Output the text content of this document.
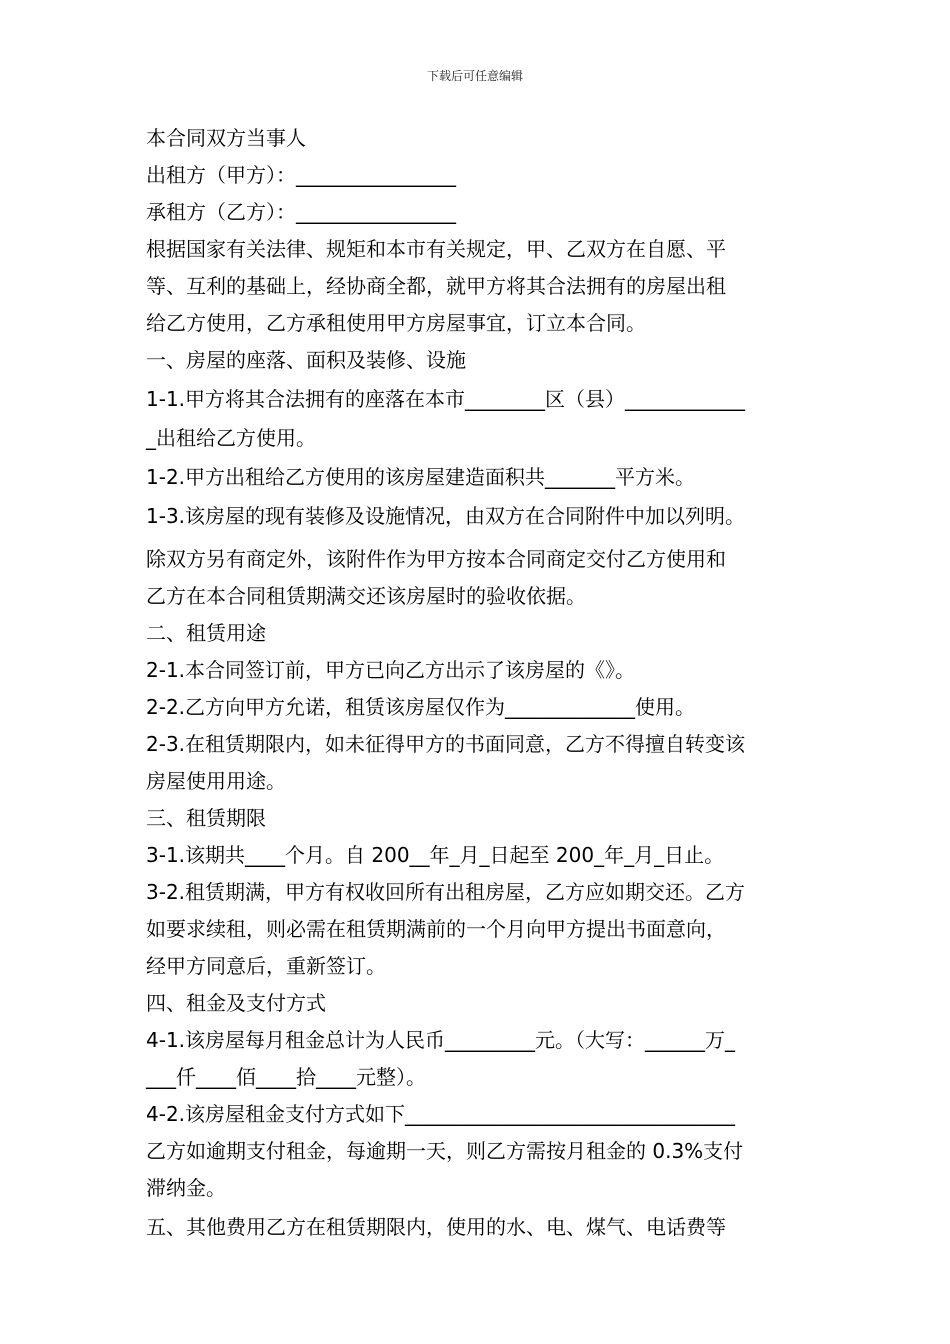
下载后可任意编辑

本合同双方当事人

出租方（甲方）：________________

承租方（乙方）：________________

根据国家有关法律、规矩和本市有关规定，甲、乙双方在自愿、平

等、互利的基础上，经协商全都，就甲方将其合法拥有的房屋出租

给乙方使用，乙方承租使用甲方房屋事宜，订立本合同。

一、房屋的座落、面积及装修、设施

1-1.甲方将其合法拥有的座落在本市________区（县）____________

_出租给乙方使用。

1-2.甲方出租给乙方使用的该房屋建造面积共_______平方米。

1-3.该房屋的现有装修及设施情况，由双方在合同附件中加以列明。

除双方另有商定外，该附件作为甲方按本合同商定交付乙方使用和

乙方在本合同租赁期满交还该房屋时的验收依据。

二、租赁用途

2-1.本合同签订前，甲方已向乙方出示了该房屋的《》。

2-2.乙方向甲方允诺，租赁该房屋仅作为_____________使用。

2-3.在租赁期限内，如未征得甲方的书面同意，乙方不得擅自转变该

房屋使用用途。

三、租赁期限

3-1.该期共____个月。自 200__年_月_日起至 200_年_月_日止。

3-2.租赁期满，甲方有权收回所有出租房屋，乙方应如期交还。乙方

如要求续租，则必需在租赁期满前的一个月向甲方提出书面意向，

经甲方同意后，重新签订。

四、租金及支付方式

4-1.该房屋每月租金总计为人民币_________元。（大写：______万_

___仟____佰____拾____元整）。

4-2.该房屋租金支付方式如下_________________________________

乙方如逾期支付租金，每逾期一天，则乙方需按月租金的 0.3%支付

滞纳金。

五、其他费用乙方在租赁期限内，使用的水、电、煤气、电话费等
